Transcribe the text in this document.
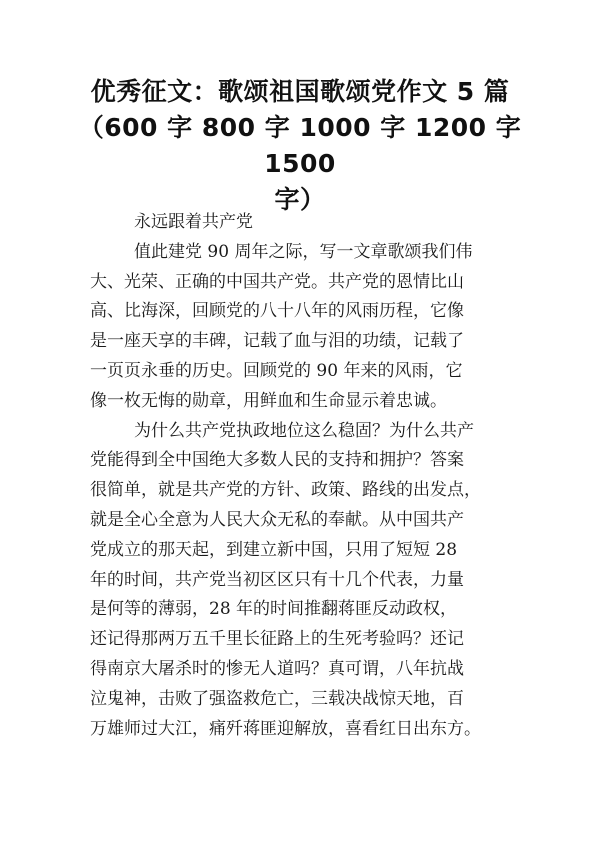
优秀征文：歌颂祖国歌颂党作文 5 篇
（600 字 800 字 1000 字 1200 字 1500
字）
永远跟着共产党
值此建党 90 周年之际，写一文章歌颂我们伟
大、光荣、正确的中国共产党。共产党的恩情比山
高、比海深，回顾党的八十八年的风雨历程，它像
是一座天享的丰碑，记载了血与泪的功绩，记载了
一页页永垂的历史。回顾党的 90 年来的风雨，它
像一枚无悔的勋章，用鲜血和生命显示着忠诚。
为什么共产党执政地位这么稳固？为什么共产
党能得到全中国绝大多数人民的支持和拥护？答案
很简单，就是共产党的方针、政策、路线的出发点，
就是全心全意为人民大众无私的奉献。从中国共产
党成立的那天起，到建立新中国，只用了短短 28
年的时间，共产党当初区区只有十几个代表，力量
是何等的薄弱，28 年的时间推翻蒋匪反动政权，
还记得那两万五千里长征路上的生死考验吗？还记
得南京大屠杀时的惨无人道吗？真可谓，八年抗战
泣鬼神，击败了强盗救危亡，三载决战惊天地，百
万雄师过大江，痛歼蒋匪迎解放，喜看红日出东方。
